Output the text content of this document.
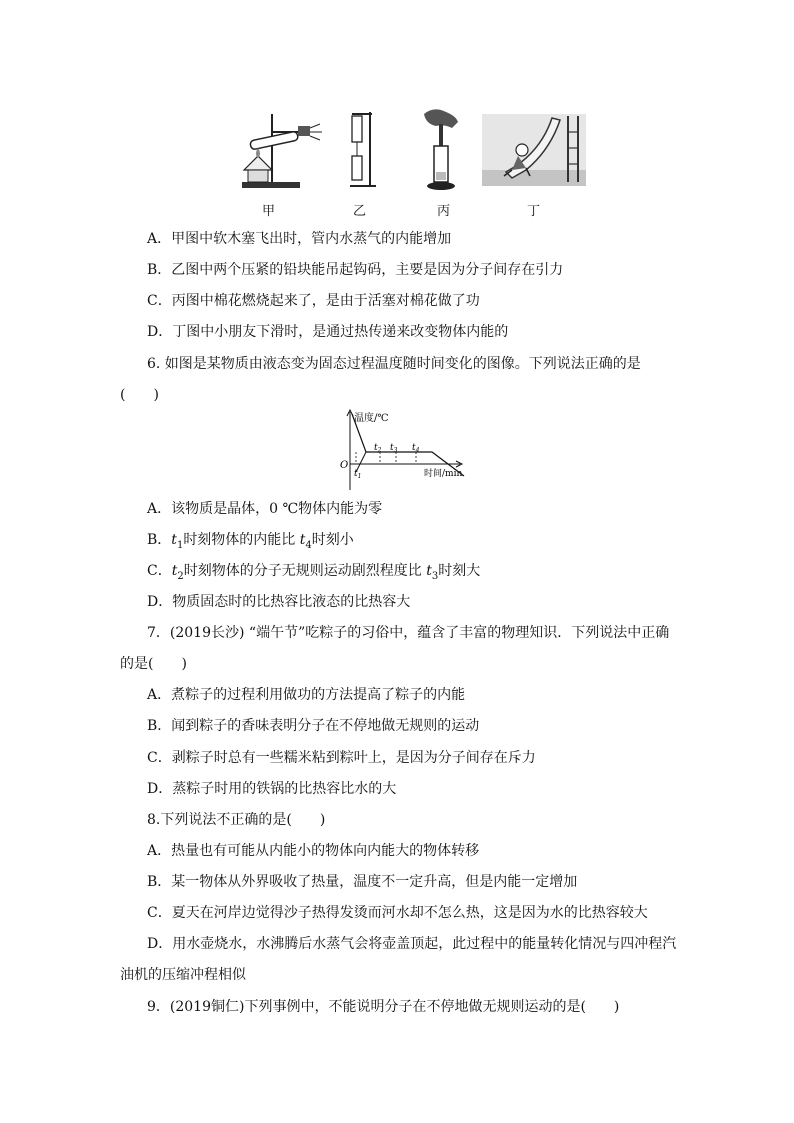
甲	乙	丙	丁
A．甲图中软木塞飞出时，管内水蒸气的内能增加
B．乙图中两个压紧的铅块能吊起钩码，主要是因为分子间存在引力
C．丙图中棉花燃烧起来了，是由于活塞对棉花做了功
D．丁图中小朋友下滑时，是通过热传递来改变物体内能的
6. 如图是某物质由液态变为固态过程温度随时间变化的图像。下列说法正确的是
(　　)
温度/℃
时间/min
O
$t_1$
$t_2$ $t_3$ $t_4$
A．该物质是晶体，0 ℃物体内能为零
B．$t_1$时刻物体的内能比 $t_4$时刻小
C．$t_2$时刻物体的分子无规则运动剧烈程度比 $t_3$时刻大
D．物质固态时的比热容比液态的比热容大
7．(2019长沙) “端午节”吃粽子的习俗中，蕴含了丰富的物理知识．下列说法中正确
的是(　　)
A．煮粽子的过程利用做功的方法提高了粽子的内能
B．闻到粽子的香味表明分子在不停地做无规则的运动
C．剥粽子时总有一些糯米粘到粽叶上，是因为分子间存在斥力
D．蒸粽子时用的铁锅的比热容比水的大
8.下列说法不正确的是(　　)
A．热量也有可能从内能小的物体向内能大的物体转移
B．某一物体从外界吸收了热量，温度不一定升高，但是内能一定增加
C．夏天在河岸边觉得沙子热得发烫而河水却不怎么热，这是因为水的比热容较大
D．用水壶烧水，水沸腾后水蒸气会将壶盖顶起，此过程中的能量转化情况与四冲程汽
油机的压缩冲程相似
9．(2019铜仁)下列事例中，不能说明分子在不停地做无规则运动的是(　　)
